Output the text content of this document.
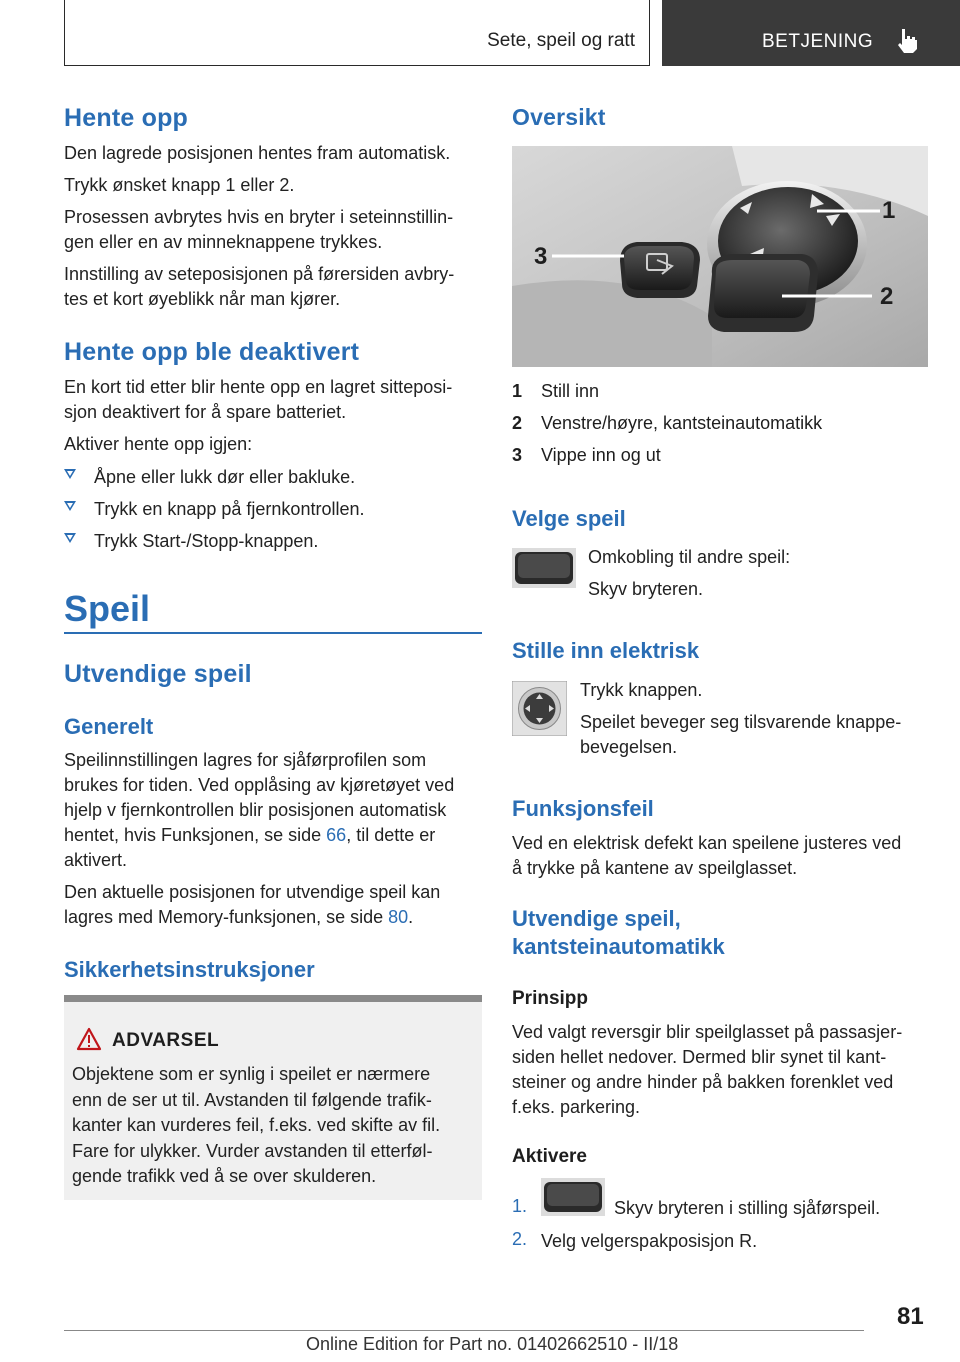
Sete, speil og ratt	BETJENING
Hente opp
Den lagrede posisjonen hentes fram automatisk.
Trykk ønsket knapp 1 eller 2.
Prosessen avbrytes hvis en bryter i seteinnstillin‐
gen eller en av minneknappene trykkes.
Innstilling av seteposisjonen på førersiden avbry‐
tes et kort øyeblikk når man kjører.
Hente opp ble deaktivert
En kort tid etter blir hente opp en lagret sitteposi‐
sjon deaktivert for å spare batteriet.
Aktiver hente opp igjen:
Åpne eller lukk dør eller bakluke.
Trykk en knapp på fjernkontrollen.
Trykk Start-/Stopp-knappen.
Speil
Utvendige speil
Generelt
Speilinnstillingen lagres for sjåførprofilen som
brukes for tiden. Ved opplåsing av kjøretøyet ved
hjelp v fjernkontrollen blir posisjonen automatisk
hentet, hvis Funksjonen, se side 66, til dette er
aktivert.
Den aktuelle posisjonen for utvendige speil kan
lagres med Memory-funksjonen, se side 80.
Sikkerhetsinstruksjoner
ADVARSEL
Objektene som er synlig i speilet er nærmere
enn de ser ut til. Avstanden til følgende trafik‐
kanter kan vurderes feil, f.eks. ved skifte av fil.
Fare for ulykker. Vurder avstanden til etterføl‐
gende trafikk ved å se over skulderen.
Oversikt
3
1
2
1 Still inn
2 Venstre/høyre, kantsteinautomatikk
3 Vippe inn og ut
Velge speil
Omkobling til andre speil:
Skyv bryteren.
Stille inn elektrisk
Trykk knappen.
Speilet beveger seg tilsvarende knappe‐
bevegelsen.
Funksjonsfeil
Ved en elektrisk defekt kan speilene justeres ved
å trykke på kantene av speilglasset.
Utvendige speil,
kantsteinautomatikk
Prinsipp
Ved valgt reversgir blir speilglasset på passasjer‐
siden hellet nedover. Dermed blir synet til kant‐
steiner og andre hinder på bakken forenklet ved
f.eks. parkering.
Aktivere
1.	Skyv bryteren i stilling sjåførspeil.
2. Velg velgerspakposisjon R.
81
Online Edition for Part no. 01402662510 - II/18
